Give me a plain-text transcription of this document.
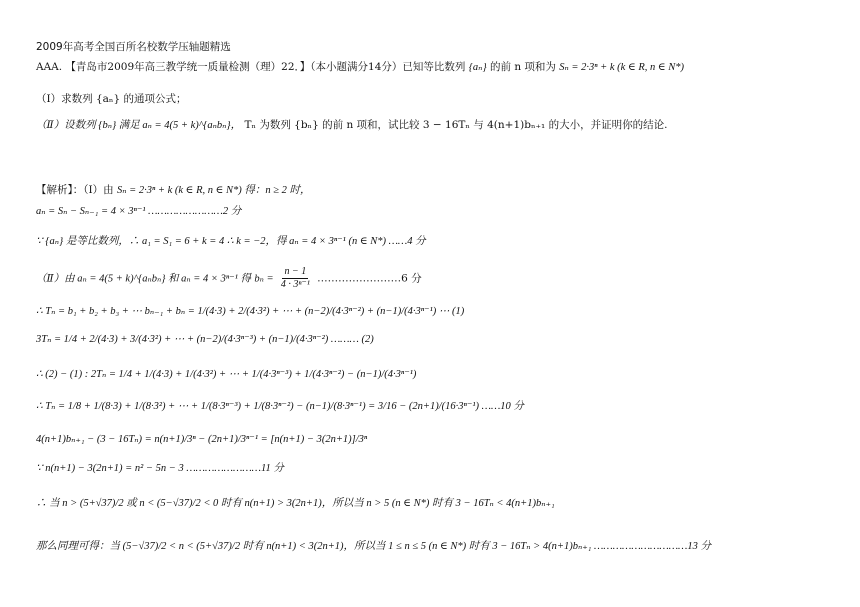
2009年高考全国百所名校数学压轴题精选
AAA. 【青岛市2009年高三教学统一质量检测（理）22．】（本小题满分14分）已知等比数列 {aₙ} 的前 n 项和为 Sₙ = 2·3ⁿ + k (k ∈ R, n ∈ N*)
（Ⅰ）求数列 {aₙ} 的通项公式；
（Ⅱ）设数列 {bₙ} 满足 aₙ = 4(5 + k)^{aₙbₙ}， Tₙ 为数列 {bₙ} 的前 n 项和，试比较 3 − 16Tₙ 与 4(n+1)bₙ₊₁ 的大小，并证明你的结论.
【解析】：（Ⅰ）由 Sₙ = 2·3ⁿ + k (k ∈ R, n ∈ N*) 得：n ≥ 2 时，
aₙ = Sₙ − Sₙ₋₁ = 4 × 3ⁿ⁻¹ ……………………2 分
∵ {aₙ} 是等比数列，∴ a₁ = S₁ = 6 + k = 4 ∴ k = −2，得 aₙ = 4 × 3ⁿ⁻¹ (n ∈ N*) ……4 分
（Ⅱ）由 aₙ = 4(5 + k)^{aₙbₙ} 和 aₙ = 4 × 3ⁿ⁻¹ 得 $b_n = \frac{n - 1}{\text{4 · 3ⁿ⁻¹}}$ ……………………6 分
∴ Tₙ = b₁ + b₂ + b₃ + ⋯ bₙ₋₁ + bₙ = 1/(4·3) + 2/(4·3²) + ⋯ + (n−2)/(4·3ⁿ⁻²) + (n−1)/(4·3ⁿ⁻¹) ⋯ (1)
3Tₙ = 1/4 + 2/(4·3) + 3/(4·3²) + ⋯ + (n−2)/(4·3ⁿ⁻³) + (n−1)/(4·3ⁿ⁻²) ……… (2)
∴ (2) − (1) : 2Tₙ = 1/4 + 1/(4·3) + 1/(4·3²) + ⋯ + 1/(4·3ⁿ⁻³) + 1/(4·3ⁿ⁻²) − (n−1)/(4·3ⁿ⁻¹)
∴ Tₙ = 1/8 + 1/(8·3) + 1/(8·3²) + ⋯ + 1/(8·3ⁿ⁻³) + 1/(8·3ⁿ⁻²) − (n−1)/(8·3ⁿ⁻¹) = 3/16 − (2n+1)/(16·3ⁿ⁻¹) ……10 分
4(n+1)bₙ₊₁ − (3 − 16Tₙ) = n(n+1)/3ⁿ − (2n+1)/3ⁿ⁻¹ = [n(n+1) − 3(2n+1)]/3ⁿ
∵ n(n+1) − 3(2n+1) = n² − 5n − 3 ……………………11 分
∴ 当 n > (5+√37)/2 或 n < (5−√37)/2 < 0 时有 n(n+1) > 3(2n+1)，所以当 n > 5 (n ∈ N*) 时有 3 − 16Tₙ < 4(n+1)bₙ₊₁
那么同理可得：当 (5−√37)/2 < n < (5+√37)/2 时有 n(n+1) < 3(2n+1)，所以当 1 ≤ n ≤ 5 (n ∈ N*) 时有 3 − 16Tₙ > 4(n+1)bₙ₊₁ …………………………13 分
